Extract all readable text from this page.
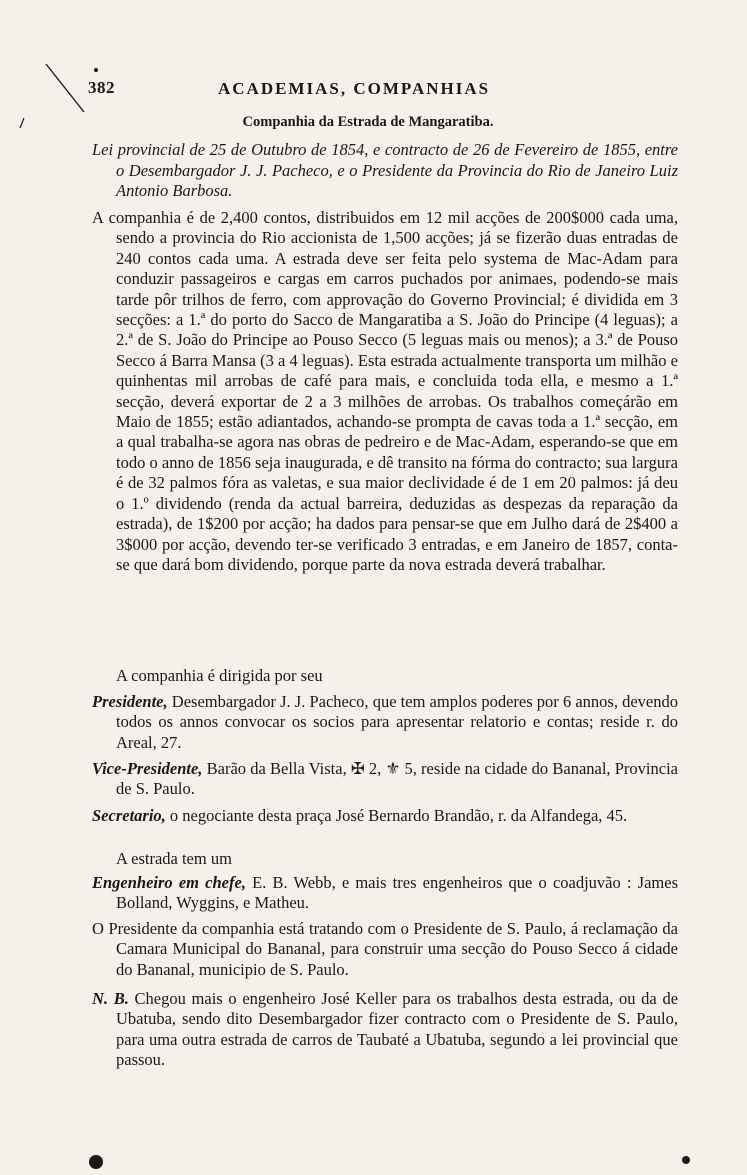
382	ACADEMIAS, COMPANHIAS
Companhia da Estrada de Mangaratiba.
Lei provincial de 25 de Outubro de 1854, e contracto de 26 de Fevereiro de 1855, entre o Desembargador J. J. Pacheco, e o Presidente da Provincia do Rio de Janeiro Luiz Antonio Barbosa.
A companhia é de 2,400 contos, distribuidos em 12 mil acções de 200$000 cada uma, sendo a provincia do Rio accionista de 1,500 acções; já se fizerão duas entradas de 240 contos cada uma. A estrada deve ser feita pelo systema de Mac-Adam para conduzir passageiros e cargas em carros puchados por animaes, podendo-se mais tarde pôr trilhos de ferro, com approvação do Governo Provincial; é dividida em 3 secções: a 1.ª do porto do Sacco de Mangaratiba a S. João do Principe (4 leguas); a 2.ª de S. João do Principe ao Pouso Secco (5 leguas mais ou menos); a 3.ª de Pouso Secco á Barra Mansa (3 a 4 leguas). Esta estrada actualmente transporta um milhão e quinhentas mil arrobas de café para mais, e concluida toda ella, e mesmo a 1.ª secção, deverá exportar de 2 a 3 milhões de arrobas. Os trabalhos começárão em Maio de 1855; estão adiantados, achando-se prompta de cavas toda a 1.ª secção, em a qual trabalha-se agora nas obras de pedreiro e de Mac-Adam, esperando-se que em todo o anno de 1856 seja inaugurada, e dê transito na fórma do contracto; sua largura é de 32 palmos fóra as valetas, e sua maior declividade é de 1 em 20 palmos: já deu o 1.º dividendo (renda da actual barreira, deduzidas as despezas da reparação da estrada), de 1$200 por acção; ha dados para pensar-se que em Julho dará de 2$400 a 3$000 por acção, devendo ter-se verificado 3 entradas, e em Janeiro de 1857, conta-se que dará bom dividendo, porque parte da nova estrada deverá trabalhar.
A companhia é dirigida por seu
Presidente, Desembargador J. J. Pacheco, que tem amplos poderes por 6 annos, devendo todos os annos convocar os socios para apresentar relatorio e contas; reside r. do Areal, 27.
Vice-Presidente, Barão da Bella Vista, ✠ 2, ⚜ 5, reside na cidade do Bananal, Provincia de S. Paulo.
Secretario, o negociante desta praça José Bernardo Brandão, r. da Alfandega, 45.
A estrada tem um
Engenheiro em chefe, E. B. Webb, e mais tres engenheiros que o coadjuvão : James Bolland, Wyggins, e Matheu.
O Presidente da companhia está tratando com o Presidente de S. Paulo, á reclamação da Camara Municipal do Bananal, para construir uma secção do Pouso Secco á cidade do Bananal, municipio de S. Paulo.
N. B. Chegou mais o engenheiro José Keller para os trabalhos desta estrada, ou da de Ubatuba, sendo dito Desembargador fizer contracto com o Presidente de S. Paulo, para uma outra estrada de carros de Taubaté a Ubatuba, segundo a lei provincial que passou.
